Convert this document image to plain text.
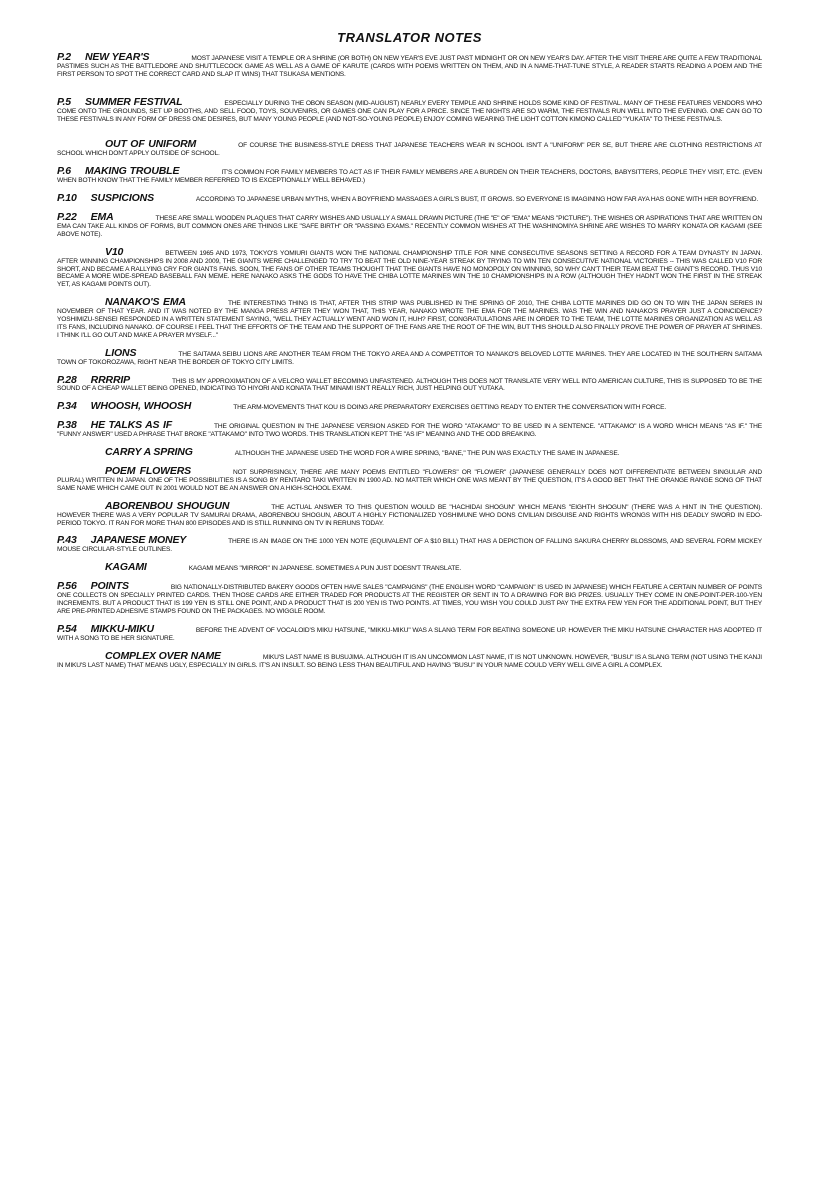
TRANSLATOR NOTES

P.2 NEW YEAR'S	MOST JAPANESE VISIT A TEMPLE OR A SHRINE (OR BOTH) ON NEW YEAR'S EVE JUST PAST MIDNIGHT OR ON NEW YEAR'S DAY. AFTER THE VISIT THERE ARE QUITE A FEW TRADITIONAL PASTIMES SUCH AS THE BATTLEDORE AND SHUTTLECOCK GAME AS WELL AS A GAME OF KARUTE (CARDS WITH POEMS WRITTEN ON THEM, AND IN A NAME-THAT-TUNE STYLE, A READER STARTS READING A POEM AND THE FIRST PERSON TO SPOT THE CORRECT CARD AND SLAP IT WINS) THAT TSUKASA MENTIONS.

P.5 SUMMER FESTIVAL	ESPECIALLY DURING THE OBON SEASON (MID-AUGUST) NEARLY EVERY TEMPLE AND SHRINE HOLDS SOME KIND OF FESTIVAL. MANY OF THESE FEATURES VENDORS WHO COME ONTO THE GROUNDS, SET UP BOOTHS, AND SELL FOOD, TOYS, SOUVENIRS, OR GAMES ONE CAN PLAY FOR A PRICE. SINCE THE NIGHTS ARE SO WARM, THE FESTIVALS RUN WELL INTO THE EVENING. ONE CAN GO TO THESE FESTIVALS IN ANY FORM OF DRESS ONE DESIRES, BUT MANY YOUNG PEOPLE (AND NOT-SO-YOUNG PEOPLE) ENJOY COMING WEARING THE LIGHT COTTON KIMONO CALLED "YUKATA" TO THESE FESTIVALS.

OUT OF UNIFORM	OF COURSE THE BUSINESS-STYLE DRESS THAT JAPANESE TEACHERS WEAR IN SCHOOL ISN'T A "UNIFORM" PER SE, BUT THERE ARE CLOTHING RESTRICTIONS AT SCHOOL WHICH DON'T APPLY OUTSIDE OF SCHOOL.

P.6 MAKING TROUBLE	IT'S COMMON FOR FAMILY MEMBERS TO ACT AS IF THEIR FAMILY MEMBERS ARE A BURDEN ON THEIR TEACHERS, DOCTORS, BABYSITTERS, PEOPLE THEY VISIT, ETC. (EVEN WHEN BOTH KNOW THAT THE FAMILY MEMBER REFERRED TO IS EXCEPTIONALLY WELL BEHAVED.)

P.10 SUSPICIONS	ACCORDING TO JAPANESE URBAN MYTHS, WHEN A BOYFRIEND MASSAGES A GIRL'S BUST, IT GROWS. SO EVERYONE IS IMAGINING HOW FAR AYA HAS GONE WITH HER BOYFRIEND.

P.22 EMA	THESE ARE SMALL WOODEN PLAQUES THAT CARRY WISHES AND USUALLY A SMALL DRAWN PICTURE (THE "E" OF "EMA" MEANS "PICTURE"). THE WISHES OR ASPIRATIONS THAT ARE WRITTEN ON EMA CAN TAKE ALL KINDS OF FORMS, BUT COMMON ONES ARE THINGS LIKE "SAFE BIRTH" OR "PASSING EXAMS." RECENTLY COMMON WISHES AT THE WASHINOMIYA SHRINE ARE WISHES TO MARRY KONATA OR KAGAMI (SEE ABOVE NOTE).

V10	BETWEEN 1965 AND 1973, TOKYO'S YOMIURI GIANTS WON THE NATIONAL CHAMPIONSHIP TITLE FOR NINE CONSECUTIVE SEASONS SETTING A RECORD FOR A TEAM DYNASTY IN JAPAN. AFTER WINNING CHAMPIONSHIPS IN 2008 AND 2009, THE GIANTS WERE CHALLENGED TO TRY TO BEAT THE OLD NINE-YEAR STREAK BY TRYING TO WIN TEN CONSECUTIVE NATIONAL VICTORIES -- THIS WAS CALLED V10 FOR SHORT, AND BECAME A RALLYING CRY FOR GIANTS FANS. SOON, THE FANS OF OTHER TEAMS THOUGHT THAT THE GIANTS HAVE NO MONOPOLY ON WINNING, SO WHY CAN'T THEIR TEAM BEAT THE GIANT'S RECORD. THUS V10 BECAME A MORE WIDE-SPREAD BASEBALL FAN MEME. HERE NANAKO ASKS THE GODS TO HAVE THE CHIBA LOTTE MARINES WIN THE 10 CHAMPIONSHIPS IN A ROW (ALTHOUGH THEY HADN'T WON THE FIRST IN THE STREAK YET, AS KAGAMI POINTS OUT).

NANAKO'S EMA	THE INTERESTING THING IS THAT, AFTER THIS STRIP WAS PUBLISHED IN THE SPRING OF 2010, THE CHIBA LOTTE MARINES DID GO ON TO WIN THE JAPAN SERIES IN NOVEMBER OF THAT YEAR. AND IT WAS NOTED BY THE MANGA PRESS AFTER THEY WON THAT, THIS YEAR, NANAKO WROTE THE EMA FOR THE MARINES. WAS THE WIN AND NANAKO'S PRAYER JUST A COINCIDENCE? YOSHIMIZU-SENSEI RESPONDED IN A WRITTEN STATEMENT SAYING, "WELL THEY ACTUALLY WENT AND WON IT, HUH? FIRST, CONGRATULATIONS ARE IN ORDER TO THE TEAM, THE LOTTE MARINES ORGANIZATION AS WELL AS ITS FANS, INCLUDING NANAKO. OF COURSE I FEEL THAT THE EFFORTS OF THE TEAM AND THE SUPPORT OF THE FANS ARE THE ROOT OF THE WIN, BUT THIS SHOULD ALSO FINALLY PROVE THE POWER OF PRAYER AT SHRINES. I THINK I'LL GO OUT AND MAKE A PRAYER MYSELF..."

LIONS	THE SAITAMA SEIBU LIONS ARE ANOTHER TEAM FROM THE TOKYO AREA AND A COMPETITOR TO NANAKO'S BELOVED LOTTE MARINES. THEY ARE LOCATED IN THE SOUTHERN SAITAMA TOWN OF TOKOROZAWA, RIGHT NEAR THE BORDER OF TOKYO CITY LIMITS.

P.28 RRRRIP	THIS IS MY APPROXIMATION OF A VELCRO WALLET BECOMING UNFASTENED. ALTHOUGH THIS DOES NOT TRANSLATE VERY WELL INTO AMERICAN CULTURE, THIS IS SUPPOSED TO BE THE SOUND OF A CHEAP WALLET BEING OPENED, INDICATING TO HIYORI AND KONATA THAT MINAMI ISN'T REALLY RICH, JUST HELPING OUT YUTAKA.

P.34 WHOOSH, WHOOSH	THE ARM-MOVEMENTS THAT KOU IS DOING ARE PREPARATORY EXERCISES GETTING READY TO ENTER THE CONVERSATION WITH FORCE.

P.38 HE TALKS AS IF	THE ORIGINAL QUESTION IN THE JAPANESE VERSION ASKED FOR THE WORD "ATAKAMO" TO BE USED IN A SENTENCE. "ATTAKAMO" IS A WORD WHICH MEANS "AS IF." THE "FUNNY ANSWER" USED A PHRASE THAT BROKE "ATTAKAMO" INTO TWO WORDS. THIS TRANSLATION KEPT THE "AS IF" MEANING AND THE ODD BREAKING.

CARRY A SPRING	ALTHOUGH THE JAPANESE USED THE WORD FOR A WIRE SPRING, "BANE," THE PUN WAS EXACTLY THE SAME IN JAPANESE.

POEM FLOWERS	NOT SURPRISINGLY, THERE ARE MANY POEMS ENTITLED "FLOWERS" OR "FLOWER" (JAPANESE GENERALLY DOES NOT DIFFERENTIATE BETWEEN SINGULAR AND PLURAL) WRITTEN IN JAPAN. ONE OF THE POSSIBILITIES IS A SONG BY RENTARO TAKI WRITTEN IN 1900 AD. NO MATTER WHICH ONE WAS MEANT BY THE QUESTION, IT'S A GOOD BET THAT THE ORANGE RANGE SONG OF THAT SAME NAME WHICH CAME OUT IN 2001 WOULD NOT BE AN ANSWER ON A HIGH-SCHOOL EXAM.

ABORENBOU SHOUGUN	THE ACTUAL ANSWER TO THIS QUESTION WOULD BE "HACHIDAI SHOGUN" WHICH MEANS "EIGHTH SHOGUN" (THERE WAS A HINT IN THE QUESTION). HOWEVER THERE WAS A VERY POPULAR TV SAMURAI DRAMA, ABORENBOU SHOGUN, ABOUT A HIGHLY FICTIONALIZED YOSHIMUNE WHO DONS CIVILIAN DISGUISE AND RIGHTS WRONGS WITH HIS DEADLY SWORD IN EDO-PERIOD TOKYO. IT RAN FOR MORE THAN 800 EPISODES AND IS STILL RUNNING ON TV IN RERUNS TODAY.

P.43 JAPANESE MONEY	THERE IS AN IMAGE ON THE 1000 YEN NOTE (EQUIVALENT OF A $10 BILL) THAT HAS A DEPICTION OF FALLING SAKURA CHERRY BLOSSOMS, AND SEVERAL FORM MICKEY MOUSE CIRCULAR-STYLE OUTLINES.

KAGAMI	KAGAMI MEANS "MIRROR" IN JAPANESE. SOMETIMES A PUN JUST DOESN'T TRANSLATE.

P.56 POINTS	BIG NATIONALLY-DISTRIBUTED BAKERY GOODS OFTEN HAVE SALES "CAMPAIGNS" (THE ENGLISH WORD "CAMPAIGN" IS USED IN JAPANESE) WHICH FEATURE A CERTAIN NUMBER OF POINTS ONE COLLECTS ON SPECIALLY PRINTED CARDS. THEN THOSE CARDS ARE EITHER TRADED FOR PRODUCTS AT THE REGISTER OR SENT IN TO A DRAWING FOR BIG PRIZES. USUALLY THEY COME IN ONE-POINT-PER-100-YEN INCREMENTS. BUT A PRODUCT THAT IS 199 YEN IS STILL ONE POINT, AND A PRODUCT THAT IS 200 YEN IS TWO POINTS. AT TIMES, YOU WISH YOU COULD JUST PAY THE EXTRA FEW YEN FOR THE ADDITIONAL POINT, BUT THEY ARE PRE-PRINTED ADHESIVE STAMPS FOUND ON THE PACKAGES. NO WIGGLE ROOM.

P.54 MIKKU-MIKU	BEFORE THE ADVENT OF VOCALOID'S MIKU HATSUNE, "MIKKU-MIKU" WAS A SLANG TERM FOR BEATING SOMEONE UP. HOWEVER THE MIKU HATSUNE CHARACTER HAS ADOPTED IT WITH A SONG TO BE HER SIGNATURE.

COMPLEX OVER NAME	MIKU'S LAST NAME IS BUSUJIMA. ALTHOUGH IT IS AN UNCOMMON LAST NAME, IT IS NOT UNKNOWN. HOWEVER, "BUSU" IS A SLANG TERM (NOT USING THE KANJI IN MIKU'S LAST NAME) THAT MEANS UGLY, ESPECIALLY IN GIRLS. IT'S AN INSULT. SO BEING LESS THAN BEAUTIFUL AND HAVING "BUSU" IN YOUR NAME COULD VERY WELL GIVE A GIRL A COMPLEX.
